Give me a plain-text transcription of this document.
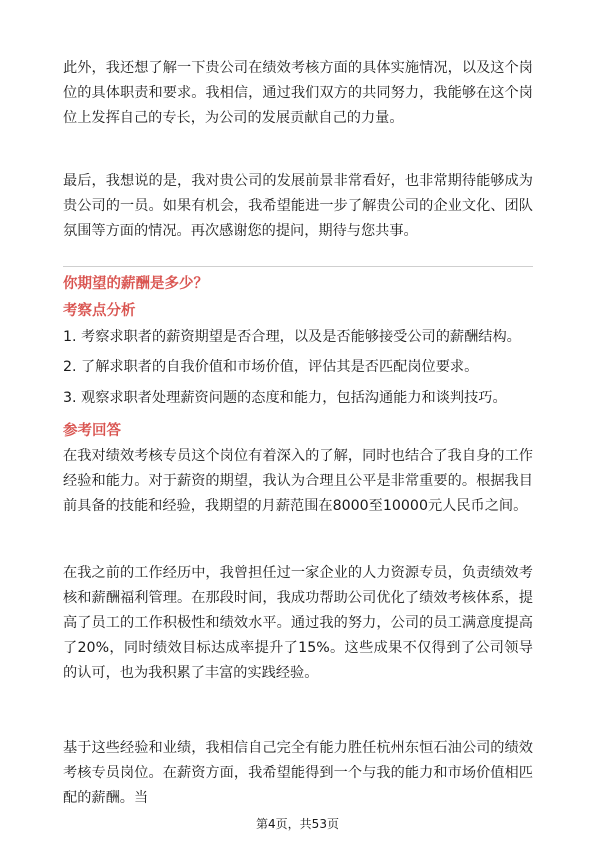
此外，我还想了解一下贵公司在绩效考核方面的具体实施情况，以及这个岗位的具体职责和要求。我相信，通过我们双方的共同努力，我能够在这个岗位上发挥自己的专长，为公司的发展贡献自己的力量。

最后，我想说的是，我对贵公司的发展前景非常看好，也非常期待能够成为贵公司的一员。如果有机会，我希望能进一步了解贵公司的企业文化、团队氛围等方面的情况。再次感谢您的提问，期待与您共事。

你期望的薪酬是多少？

考察点分析

1. 考察求职者的薪资期望是否合理，以及是否能够接受公司的薪酬结构。

2. 了解求职者的自我价值和市场价值，评估其是否匹配岗位要求。

3. 观察求职者处理薪资问题的态度和能力，包括沟通能力和谈判技巧。

参考回答

在我对绩效考核专员这个岗位有着深入的了解，同时也结合了我自身的工作经验和能力。对于薪资的期望，我认为合理且公平是非常重要的。根据我目前具备的技能和经验，我期望的月薪范围在8000至10000元人民币之间。

在我之前的工作经历中，我曾担任过一家企业的人力资源专员，负责绩效考核和薪酬福利管理。在那段时间，我成功帮助公司优化了绩效考核体系，提高了员工的工作积极性和绩效水平。通过我的努力，公司的员工满意度提高了20%，同时绩效目标达成率提升了15%。这些成果不仅得到了公司领导的认可，也为我积累了丰富的实践经验。

基于这些经验和业绩，我相信自己完全有能力胜任杭州东恒石油公司的绩效考核专员岗位。在薪资方面，我希望能得到一个与我的能力和市场价值相匹配的薪酬。当

第4页，共53页
